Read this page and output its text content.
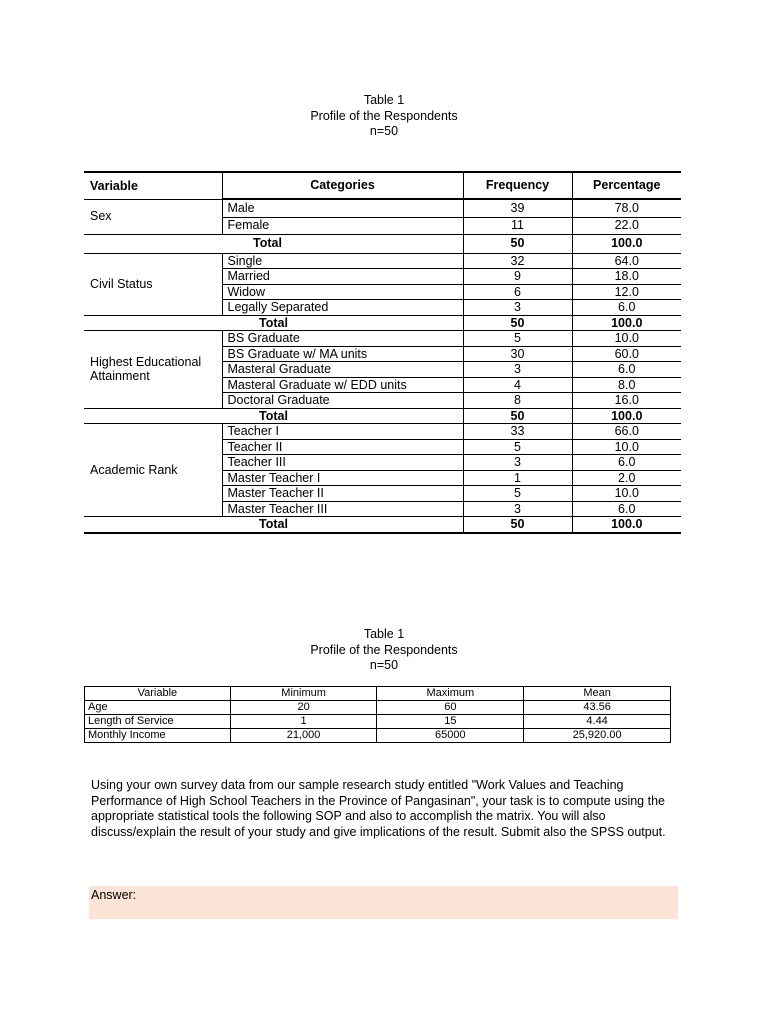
Table 1
Profile of the Respondents
n=50
Variable	Categories	Frequency	Percentage
Sex	Male	39	78.0
	Female	11	22.0
Total		50	100.0
Civil Status	Single	32	64.0
	Married	9	18.0
	Widow	6	12.0
	Legally Separated	3	6.0
Total		50	100.0
Highest Educational Attainment	BS Graduate	5	10.0
	BS Graduate w/ MA units	30	60.0
	Masteral Graduate	3	6.0
	Masteral Graduate w/ EDD units	4	8.0
	Doctoral Graduate	8	16.0
Total		50	100.0
Academic Rank	Teacher I	33	66.0
	Teacher II	5	10.0
	Teacher III	3	6.0
	Master Teacher I	1	2.0
	Master Teacher II	5	10.0
	Master Teacher III	3	6.0
Total		50	100.0
Table 1
Profile of the Respondents
n=50
Variable	Minimum	Maximum	Mean
Age	20	60	43.56
Length of Service	1	15	4.44
Monthly Income	21,000	65000	25,920.00
Using your own survey data from our sample research study entitled "Work Values and Teaching Performance of High School Teachers in the Province of Pangasinan", your task is to compute using the appropriate statistical tools the following SOP and also to accomplish the matrix. You will also discuss/explain the result of your study and give implications of the result. Submit also the SPSS output.
Answer:
